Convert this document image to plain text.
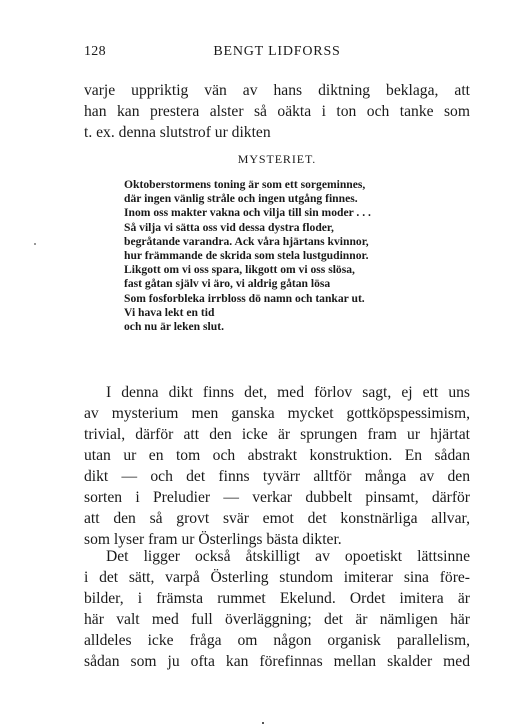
128	BENGT LIDFORSS
varje uppriktig vän av hans diktning beklaga, att
han kan prestera alster så oäkta i ton och tanke som
t. ex. denna slutstrof ur dikten
MYSTERIET.
Oktoberstormens toning är som ett sorgeminnes,
där ingen vänlig stråle och ingen utgång finnes.
Inom oss makter vakna och vilja till sin moder . . .
Så vilja vi sätta oss vid dessa dystra floder,
begråtande varandra. Ack våra hjärtans kvinnor,
hur främmande de skrida som stela lustgudinnor.
Likgott om vi oss spara, likgott om vi oss slösa,
fast gåtan själv vi äro, vi aldrig gåtan lösa
Som fosforbleka irrbloss dö namn och tankar ut.
Vi hava lekt en tid
och nu är leken slut.
I denna dikt finns det, med förlov sagt, ej ett uns
av mysterium men ganska mycket gottköpspessimism,
trivial, därför att den icke är sprungen fram ur hjärtat
utan ur en tom och abstrakt konstruktion. En sådan
dikt — och det finns tyvärr alltför många av den
sorten i Preludier — verkar dubbelt pinsamt, därför
att den så grovt svär emot det konstnärliga allvar,
som lyser fram ur Österlings bästa dikter.
Det ligger också åtskilligt av opoetiskt lättsinne
i det sätt, varpå Österling stundom imiterar sina före-
bilder, i främsta rummet Ekelund. Ordet imitera är
här valt med full överläggning; det är nämligen här
alldeles icke fråga om någon organisk parallelism,
sådan som ju ofta kan förefinnas mellan skalder med
